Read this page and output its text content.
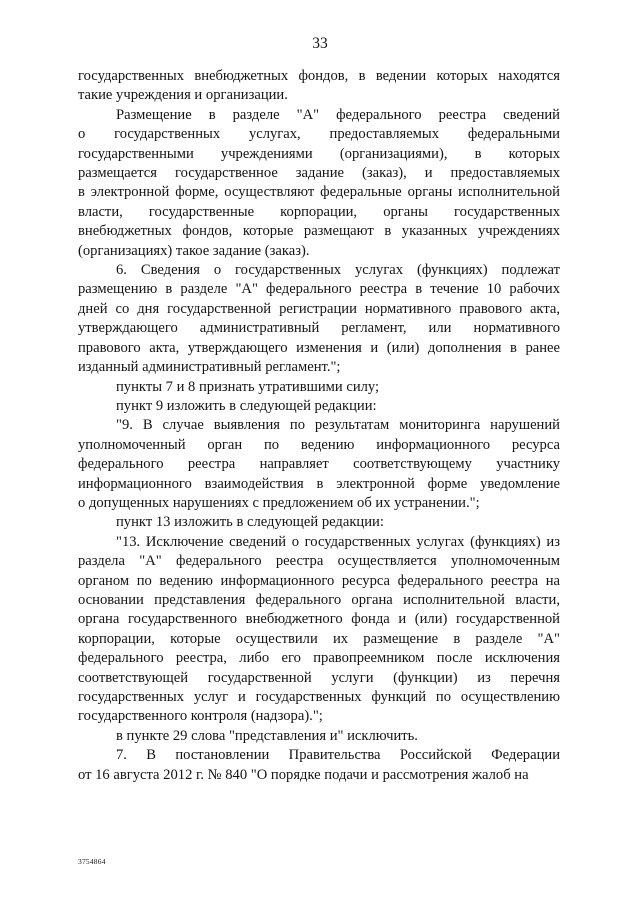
33
государственных внебюджетных фондов, в ведении которых находятся
такие учреждения и организации.
Размещение в разделе "А" федерального реестра сведений
о государственных услугах, предоставляемых федеральными
государственными учреждениями (организациями), в которых
размещается государственное задание (заказ), и предоставляемых
в электронной форме, осуществляют федеральные органы исполнительной
власти, государственные корпорации, органы государственных
внебюджетных фондов, которые размещают в указанных учреждениях
(организациях) такое задание (заказ).
6. Сведения о государственных услугах (функциях) подлежат
размещению в разделе "А" федерального реестра в течение 10 рабочих
дней со дня государственной регистрации нормативного правового акта,
утверждающего административный регламент, или нормативного
правового акта, утверждающего изменения и (или) дополнения в ранее
изданный административный регламент.";
пункты 7 и 8 признать утратившими силу;
пункт 9 изложить в следующей редакции:
"9. В случае выявления по результатам мониторинга нарушений
уполномоченный орган по ведению информационного ресурса
федерального реестра направляет соответствующему участнику
информационного взаимодействия в электронной форме уведомление
о допущенных нарушениях с предложением об их устранении.";
пункт 13 изложить в следующей редакции:
"13. Исключение сведений о государственных услугах (функциях) из
раздела "А" федерального реестра осуществляется уполномоченным
органом по ведению информационного ресурса федерального реестра на
основании представления федерального органа исполнительной власти,
органа государственного внебюджетного фонда и (или) государственной
корпорации, которые осуществили их размещение в разделе "А"
федерального реестра, либо его правопреемником после исключения
соответствующей государственной услуги (функции) из перечня
государственных услуг и государственных функций по осуществлению
государственного контроля (надзора).";
в пункте 29 слова "представления и" исключить.
7. В постановлении Правительства Российской Федерации
от 16 августа 2012 г. № 840 "О порядке подачи и рассмотрения жалоб на
3754864
